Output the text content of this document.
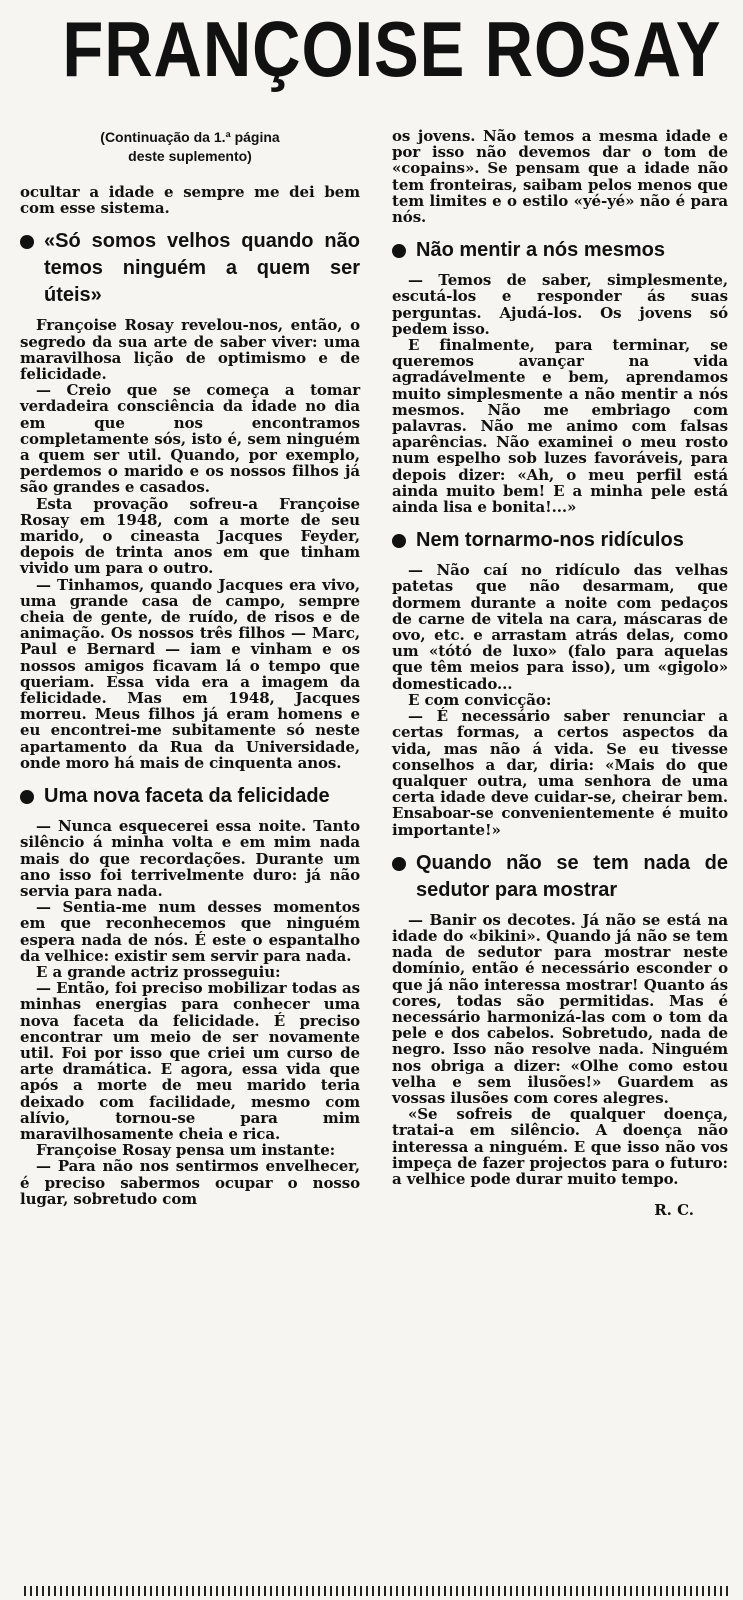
FRANÇOISE ROSAY
(Continuação da 1.ª página
deste suplemento)

ocultar a idade e sempre me dei bem com esse sistema.

«Só somos velhos quando não temos ninguém a quem ser úteis»

Françoise Rosay revelou-nos, então, o segredo da sua arte de saber viver: uma maravilhosa lição de optimismo e de felicidade.

— Creio que se começa a tomar verdadeira consciência da idade no dia em que nos encontramos completamente sós, isto é, sem ninguém a quem ser util. Quando, por exemplo, perdemos o marido e os nossos filhos já são grandes e casados.

Esta provação sofreu-a Françoise Rosay em 1948, com a morte de seu marido, o cineasta Jacques Feyder, depois de trinta anos em que tinham vivido um para o outro.

— Tinhamos, quando Jacques era vivo, uma grande casa de campo, sempre cheia de gente, de ruído, de risos e de animação. Os nossos três filhos — Marc, Paul e Bernard — iam e vinham e os nossos amigos ficavam lá o tempo que queriam. Essa vida era a imagem da felicidade. Mas em 1948, Jacques morreu. Meus filhos já eram homens e eu encontrei-me subitamente só neste apartamento da Rua da Universidade, onde moro há mais de cinquenta anos.

Uma nova faceta da felicidade

— Nunca esquecerei essa noite. Tanto silêncio á minha volta e em mim nada mais do que recordações. Durante um ano isso foi terrivelmente duro: já não servia para nada.

— Sentia-me num desses momentos em que reconhecemos que ninguém espera nada de nós. É este o espantalho da velhice: existir sem servir para nada.

E a grande actriz prosseguiu:

— Então, foi preciso mobilizar todas as minhas energias para conhecer uma nova faceta da felicidade. É preciso encontrar um meio de ser novamente util. Foi por isso que criei um curso de arte dramática. E agora, essa vida que após a morte de meu marido teria deixado com facilidade, mesmo com alívio, tornou-se para mim maravilhosamente cheia e rica.

Françoise Rosay pensa um instante:

— Para não nos sentirmos envelhecer, é preciso sabermos ocupar o nosso lugar, sobretudo com

os jovens. Não temos a mesma idade e por isso não devemos dar o tom de «copains». Se pensam que a idade não tem fronteiras, saibam pelos menos que tem limites e o estilo «yé-yé» não é para nós.

Não mentir a nós mesmos

— Temos de saber, simplesmente, escutá-los e responder ás suas perguntas. Ajudá-los. Os jovens só pedem isso.

E finalmente, para terminar, se queremos avançar na vida agradávelmente e bem, aprendamos muito simplesmente a não mentir a nós mesmos. Não me embriago com palavras. Não me animo com falsas aparências. Não examinei o meu rosto num espelho sob luzes favoráveis, para depois dizer: «Ah, o meu perfil está ainda muito bem! E a minha pele está ainda lisa e bonita!...»

Nem tornarmo-nos ridículos

— Não caí no ridículo das velhas patetas que não desarmam, que dormem durante a noite com pedaços de carne de vitela na cara, máscaras de ovo, etc. e arrastam atrás delas, como um «tótó de luxo» (falo para aquelas que têm meios para isso), um «gigolo» domesticado...

E com convicção:

— É necessário saber renunciar a certas formas, a certos aspectos da vida, mas não á vida. Se eu tivesse conselhos a dar, diria: «Mais do que qualquer outra, uma senhora de uma certa idade deve cuidar-se, cheirar bem. Ensaboar-se convenientemente é muito importante!»

Quando não se tem nada de sedutor para mostrar

— Banir os decotes. Já não se está na idade do «bikini». Quando já não se tem nada de sedutor para mostrar neste domínio, então é necessário esconder o que já não interessa mostrar! Quanto ás cores, todas são permitidas. Mas é necessário harmonizá-las com o tom da pele e dos cabelos. Sobretudo, nada de negro. Isso não resolve nada. Ninguém nos obriga a dizer: «Olhe como estou velha e sem ilusões!» Guardem as vossas ilusões com cores alegres.

«Se sofreis de qualquer doença, tratai-a em silêncio. A doença não interessa a ninguém. E que isso não vos impeça de fazer projectos para o futuro: a velhice pode durar muito tempo.

R. C.
